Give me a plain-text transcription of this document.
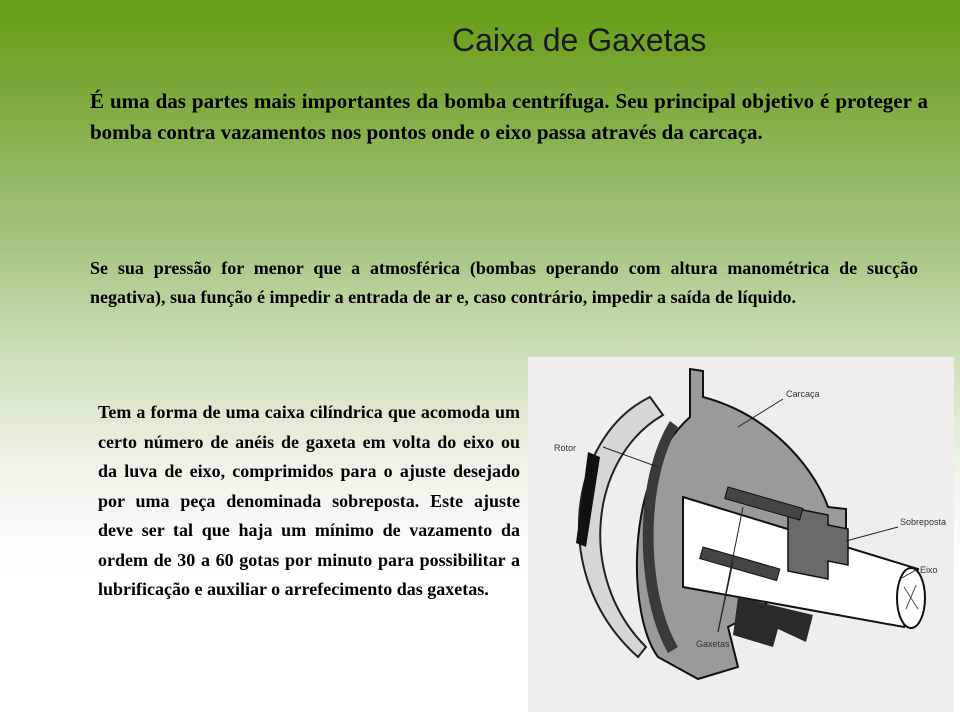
Caixa de Gaxetas

É uma das partes mais importantes da bomba centrífuga. Seu principal objetivo é proteger a bomba contra vazamentos nos pontos onde o eixo passa através da carcaça.

Se sua pressão for menor que a atmosférica (bombas operando com altura manométrica de sucção negativa), sua função é impedir a entrada de ar e, caso contrário, impedir a saída de líquido.

Tem a forma de uma caixa cilíndrica que acomoda um certo número de anéis de gaxeta em volta do eixo ou da luva de eixo, comprimidos para o ajuste desejado por uma peça denominada sobreposta. Este ajuste deve ser tal que haja um mínimo de vazamento da ordem de 30 a 60 gotas por minuto para possibilitar a lubrificação e auxiliar o arrefecimento das gaxetas.

Carcaça
Rotor
Sobreposta
Eixo
Gaxetas
